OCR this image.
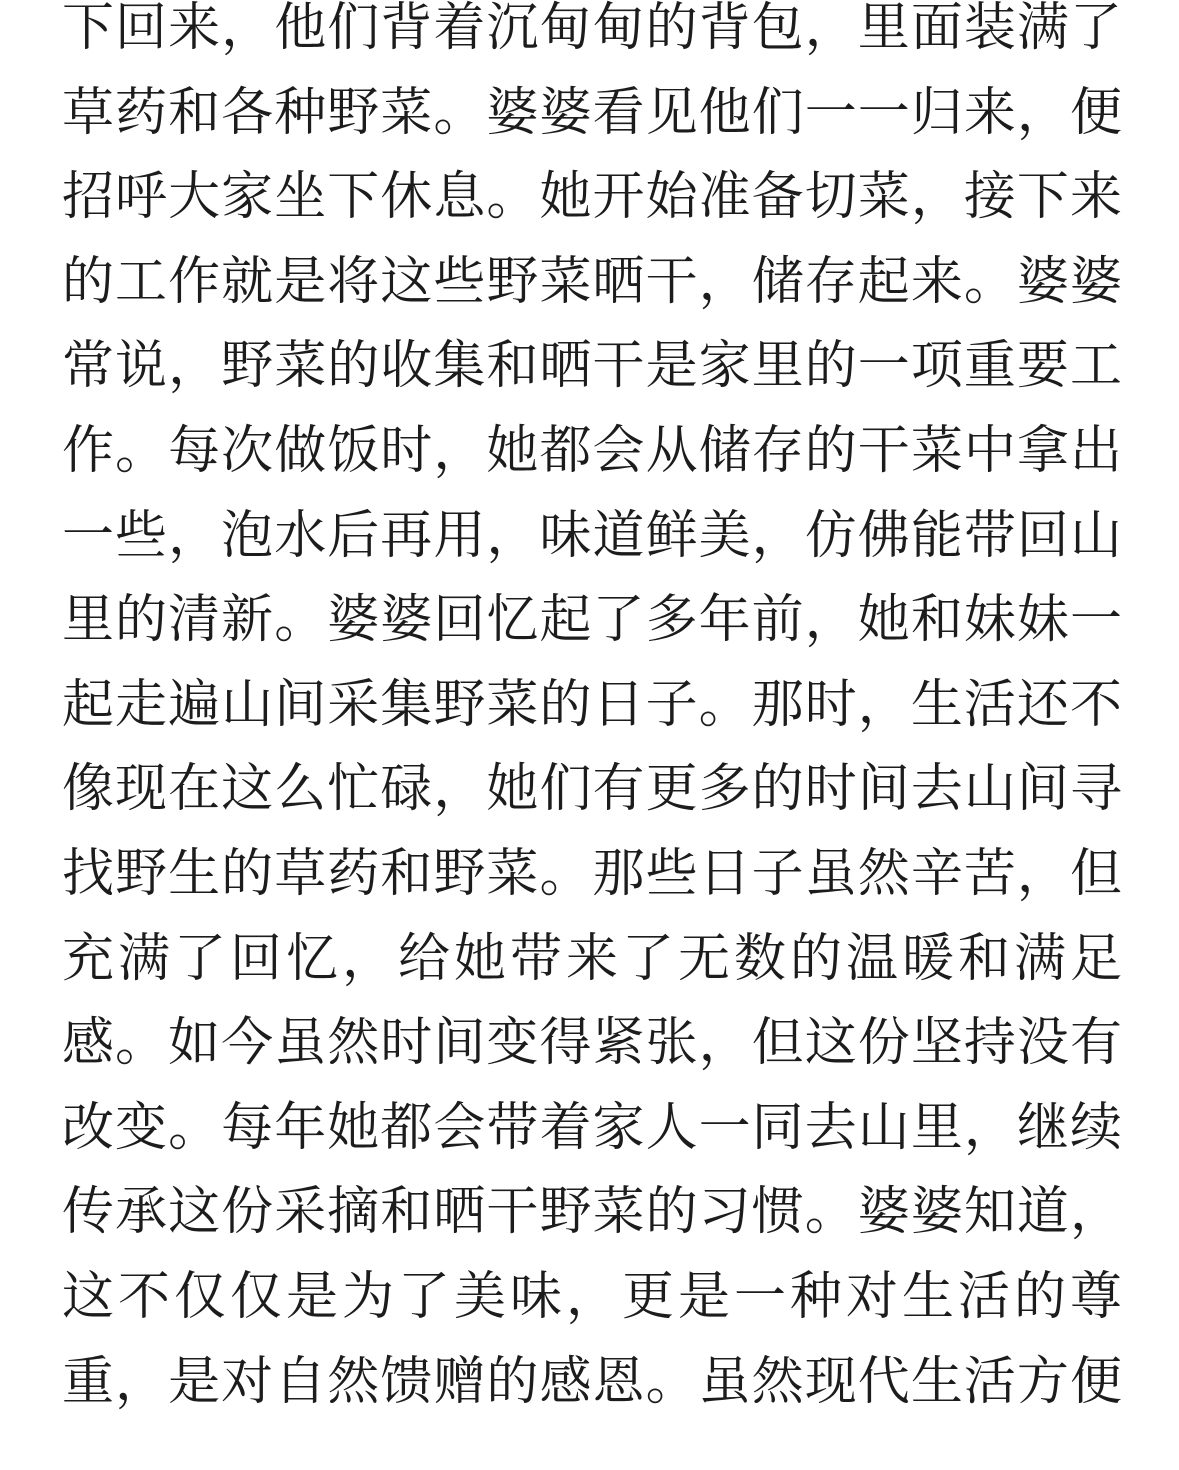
下回来，他们背着沉甸甸的背包，里面装满了
草药和各种野菜。婆婆看见他们一一归来，便
招呼大家坐下休息。她开始准备切菜，接下来
的工作就是将这些野菜晒干，储存起来。婆婆
常说，野菜的收集和晒干是家里的一项重要工
作。每次做饭时，她都会从储存的干菜中拿出
一些，泡水后再用，味道鲜美，仿佛能带回山
里的清新。婆婆回忆起了多年前，她和妹妹一
起走遍山间采集野菜的日子。那时，生活还不
像现在这么忙碌，她们有更多的时间去山间寻
找野生的草药和野菜。那些日子虽然辛苦，但
充满了回忆，给她带来了无数的温暖和满足
感。如今虽然时间变得紧张，但这份坚持没有
改变。每年她都会带着家人一同去山里，继续
传承这份采摘和晒干野菜的习惯。婆婆知道，
这不仅仅是为了美味，更是一种对生活的尊
重，是对自然馈赠的感恩。虽然现代生活方便
